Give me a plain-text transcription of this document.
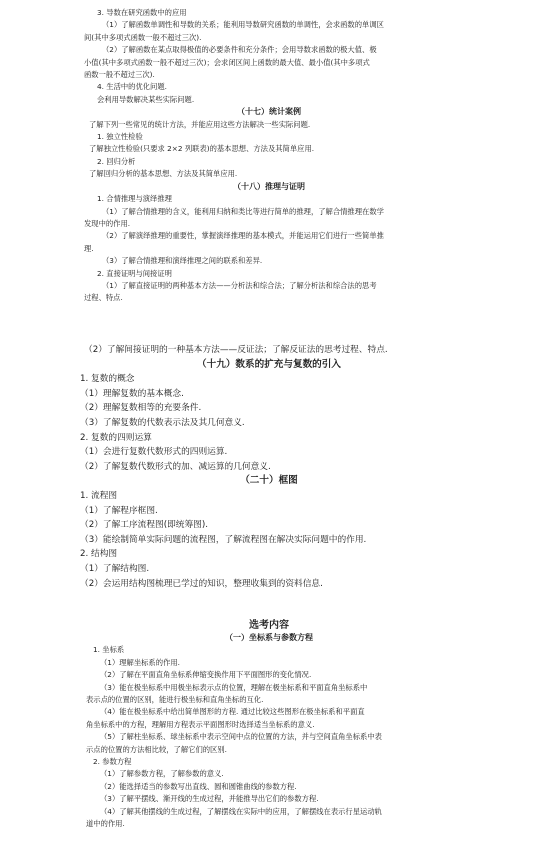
3. 导数在研究函数中的应用

（1）了解函数单调性和导数的关系；能利用导数研究函数的单调性，会求函数的单调区

间(其中多项式函数一般不超过三次).

（2）了解函数在某点取得极值的必要条件和充分条件；会用导数求函数的极大值、极

小值(其中多项式函数一般不超过三次)；会求闭区间上函数的最大值、最小值(其中多项式

函数一般不超过三次).

4. 生活中的优化问题.

会利用导数解决某些实际问题.

（十七）统计案例

了解下列一些常见的统计方法，并能应用这些方法解决一些实际问题.

1. 独立性检验

了解独立性检验(只要求 2×2 列联表)的基本思想、方法及其简单应用.

2. 回归分析

了解回归分析的基本思想、方法及其简单应用.

（十八）推理与证明

1. 合情推理与演绎推理

（1）了解合情推理的含义，能利用归纳和类比等进行简单的推理，了解合情推理在数学

发现中的作用.

（2）了解演绎推理的重要性，掌握演绎推理的基本模式，并能运用它们进行一些简单推

理.

（3）了解合情推理和演绎推理之间的联系和差异.

2. 直接证明与间接证明

（1）了解直接证明的两种基本方法——分析法和综合法；了解分析法和综合法的思考

过程、特点.

（2）了解间接证明的一种基本方法——反证法；了解反证法的思考过程、特点.

（十九）数系的扩充与复数的引入

1. 复数的概念

（1）理解复数的基本概念.

（2）理解复数相等的充要条件.

（3）了解复数的代数表示法及其几何意义.

2. 复数的四则运算

（1）会进行复数代数形式的四则运算.

（2）了解复数代数形式的加、减运算的几何意义.

（二十）框图

1. 流程图

（1）了解程序框图.

（2）了解工序流程图(即统筹图).

（3）能绘制简单实际问题的流程图，了解流程图在解决实际问题中的作用.

2. 结构图

（1）了解结构图.

（2）会运用结构图梳理已学过的知识，整理收集到的资料信息.

选考内容

（一）坐标系与参数方程

1. 坐标系

（1）理解坐标系的作用.

（2）了解在平面直角坐标系伸缩变换作用下平面图形的变化情况.

（3）能在极坐标系中用极坐标表示点的位置，理解在极坐标系和平面直角坐标系中

表示点的位置的区别，能进行极坐标和直角坐标的互化.

（4）能在极坐标系中给出简单图形的方程. 通过比较这些图形在极坐标系和平面直

角坐标系中的方程，理解用方程表示平面图形时选择适当坐标系的意义.

（5）了解柱坐标系、球坐标系中表示空间中点的位置的方法，并与空间直角坐标系中表

示点的位置的方法相比较，了解它们的区别.

2. 参数方程

（1）了解参数方程，了解参数的意义.

（2）能选择适当的参数写出直线、圆和圆锥曲线的参数方程.

（3）了解平摆线、渐开线的生成过程，并能推导出它们的参数方程.

（4）了解其他摆线的生成过程，了解摆线在实际中的应用，了解摆线在表示行星运动轨

道中的作用.
